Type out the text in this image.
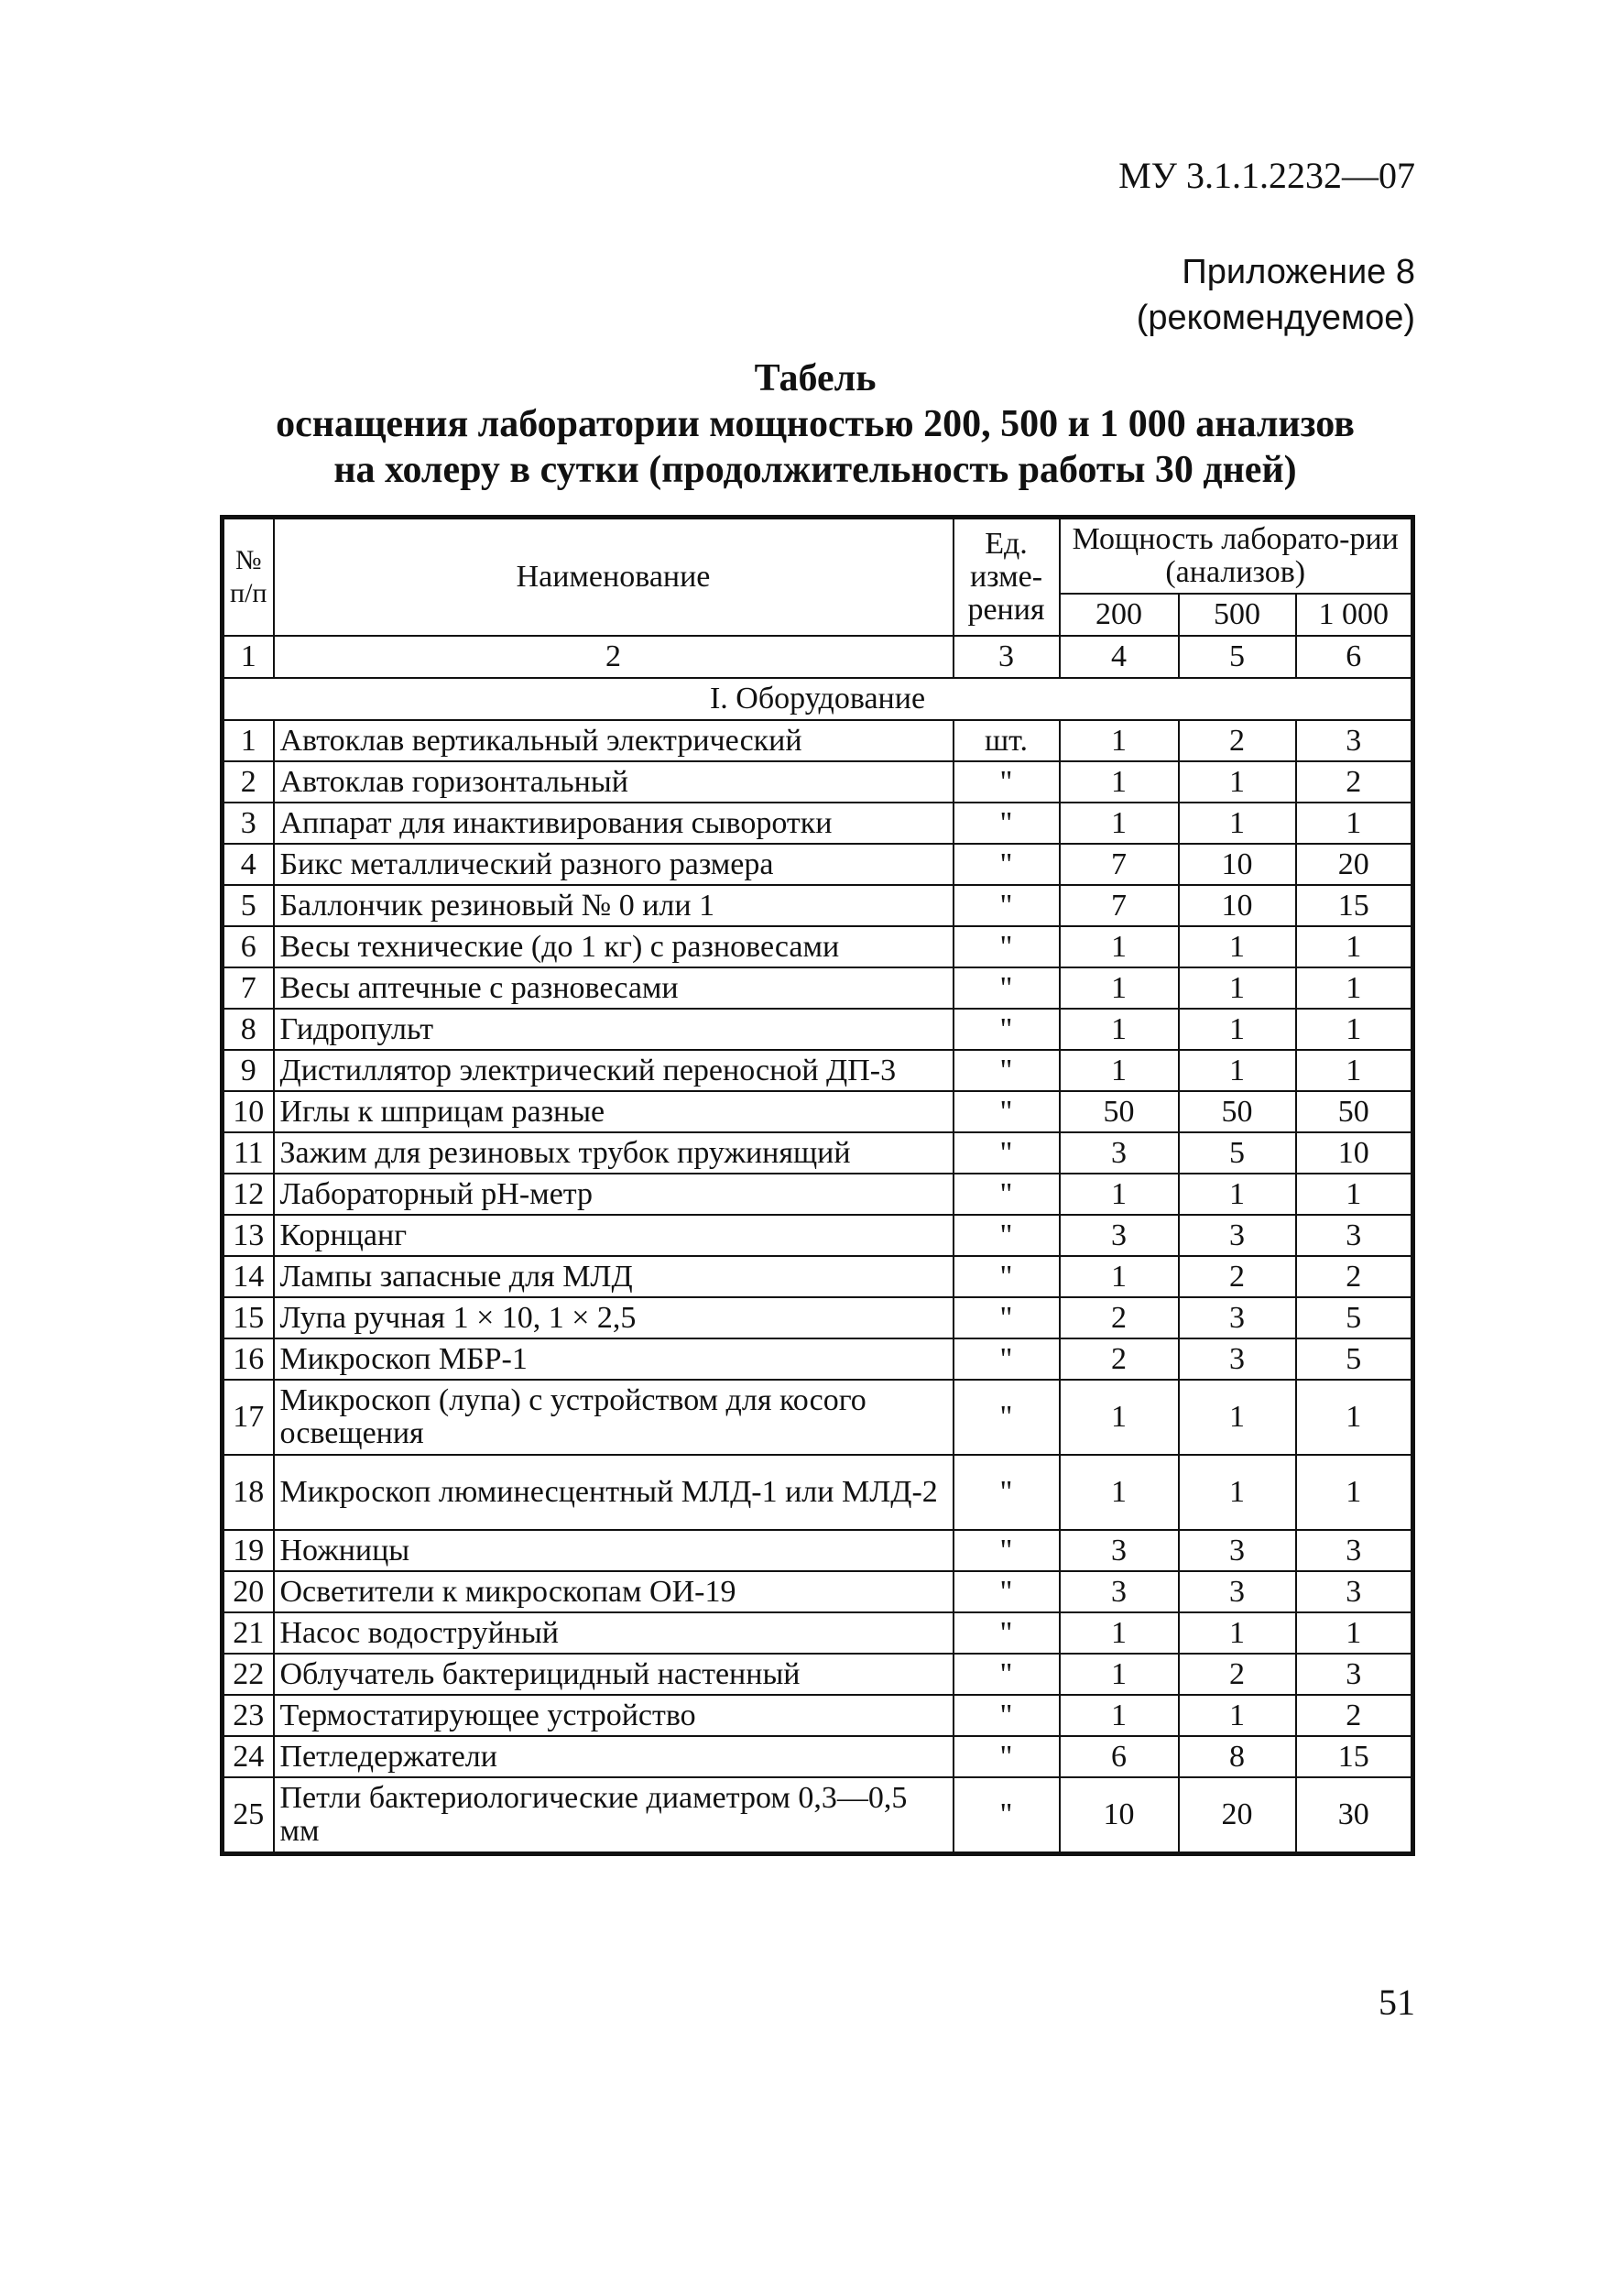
МУ 3.1.1.2232—07
Приложение 8
(рекомендуемое)
Табель
оснащения лаборатории мощностью 200, 500 и 1 000 анализов
на холеру в сутки (продолжительность работы 30 дней)
№ п/п	Наименование	Ед. изме-рения	Мощность лаборато-рии (анализов)		
			200	500	1 000
1	2	3	4	5	6
I. Оборудование					
1	Автоклав вертикальный электрический	шт.	1	2	3
2	Автоклав горизонтальный	"	1	1	2
3	Аппарат для инактивирования сыворотки	"	1	1	1
4	Бикс металлический разного размера	"	7	10	20
5	Баллончик резиновый № 0 или 1	"	7	10	15
6	Весы технические (до 1 кг) с разновесами	"	1	1	1
7	Весы аптечные с разновесами	"	1	1	1
8	Гидропульт	"	1	1	1
9	Дистиллятор электрический переносной ДП-3	"	1	1	1
10	Иглы к шприцам разные	"	50	50	50
11	Зажим для резиновых трубок пружинящий	"	3	5	10
12	Лабораторный рН-метр	"	1	1	1
13	Корнцанг	"	3	3	3
14	Лампы запасные для МЛД	"	1	2	2
15	Лупа ручная 1 × 10, 1 × 2,5	"	2	3	5
16	Микроскоп МБР-1	"	2	3	5
17	Микроскоп (лупа) с устройством для косого освещения	"	1	1	1
18	Микроскоп люминесцентный МЛД-1 или МЛД-2	"	1	1	1
19	Ножницы	"	3	3	3
20	Осветители к микроскопам ОИ-19	"	3	3	3
21	Насос водоструйный	"	1	1	1
22	Облучатель бактерицидный настенный	"	1	2	3
23	Термостатирующее устройство	"	1	1	2
24	Петледержатели	"	6	8	15
25	Петли бактериологические диаметром 0,3—0,5 мм	"	10	20	30
51
